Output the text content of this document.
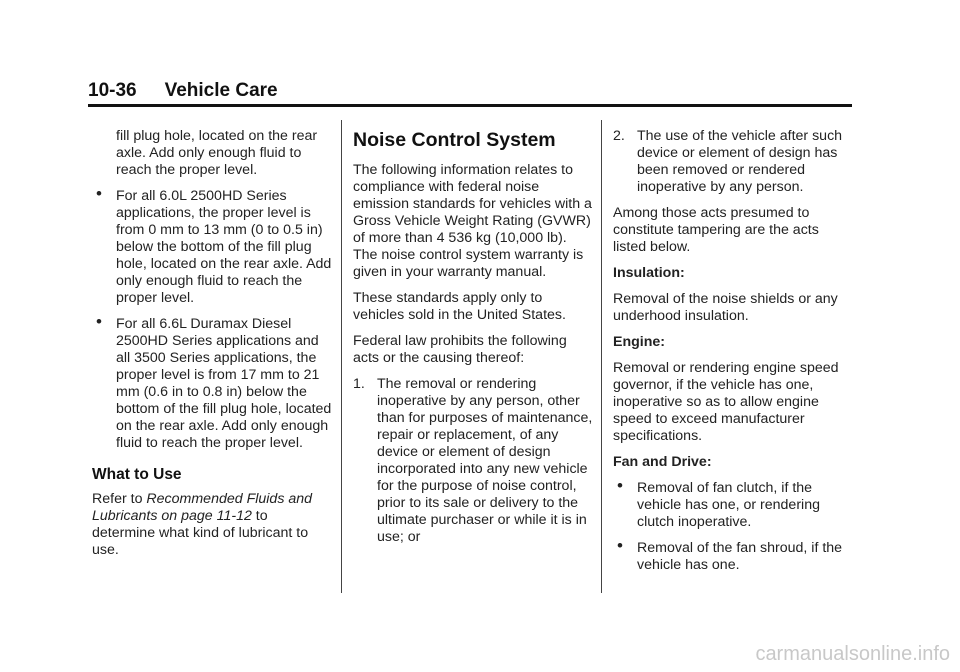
10-36 Vehicle Care

fill plug hole, located on the rear axle. Add only enough fluid to reach the proper level.

• For all 6.0L 2500HD Series applications, the proper level is from 0 mm to 13 mm (0 to 0.5 in) below the bottom of the fill plug hole, located on the rear axle. Add only enough fluid to reach the proper level.
• For all 6.6L Duramax Diesel 2500HD Series applications and all 3500 Series applications, the proper level is from 17 mm to 21 mm (0.6 in to 0.8 in) below the bottom of the fill plug hole, located on the rear axle. Add only enough fluid to reach the proper level.
What to Use

Refer to Recommended Fluids and Lubricants on page 11-12 to determine what kind of lubricant to use.

Noise Control System

The following information relates to compliance with federal noise emission standards for vehicles with a Gross Vehicle Weight Rating (GVWR) of more than 4 536 kg (10,000 lb). The noise control system warranty is given in your warranty manual.

These standards apply only to vehicles sold in the United States.

Federal law prohibits the following acts or the causing thereof:

1. The removal or rendering inoperative by any person, other than for purposes of maintenance, repair or replacement, of any device or element of design incorporated into any new vehicle for the purpose of noise control, prior to its sale or delivery to the ultimate purchaser or while it is in use; or
2. The use of the vehicle after such device or element of design has been removed or rendered inoperative by any person.

Among those acts presumed to constitute tampering are the acts listed below.

Insulation:

Removal of the noise shields or any underhood insulation.

Engine:

Removal or rendering engine speed governor, if the vehicle has one, inoperative so as to allow engine speed to exceed manufacturer specifications.

Fan and Drive:

• Removal of fan clutch, if the vehicle has one, or rendering clutch inoperative.
• Removal of the fan shroud, if the vehicle has one.
carmanualsonline.info
